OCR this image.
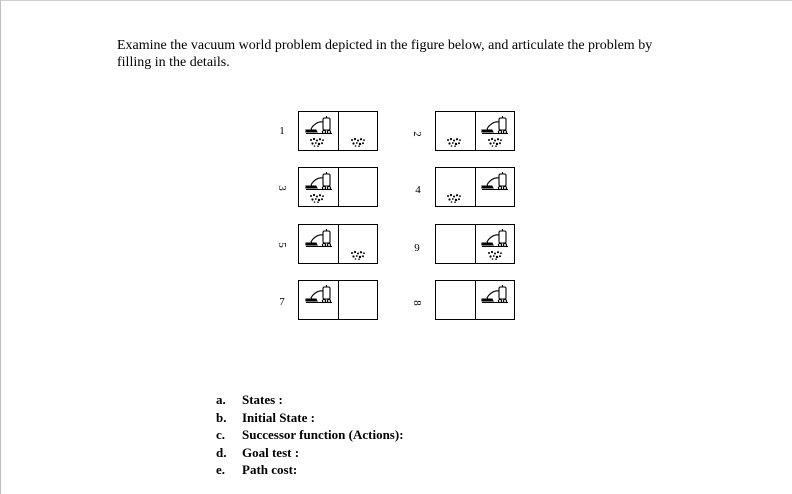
Examine the vacuum world problem depicted in the figure below, and articulate the problem by filling in the details.

1	2
3	4
5	6
7	8
a. States :
b. Initial State :
c. Successor function (Actions):
d. Goal test :
e. Path cost:
